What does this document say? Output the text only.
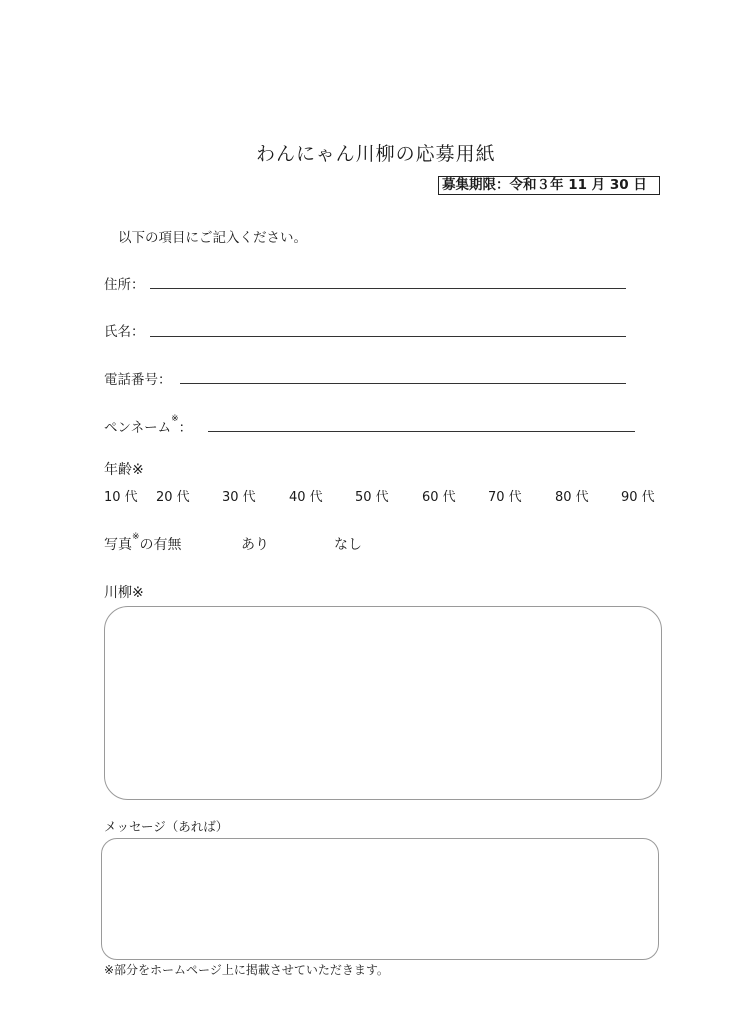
わんにゃん川柳の応募用紙
募集期限：令和３年 11 月 30 日
以下の項目にご記入ください。
住所：
氏名：
電話番号：
ペンネーム※：
年齢※
10 代 20 代 30 代	40 代 50 代	60 代 70 代	80 代 90 代
写真※の有無	あり	なし
川柳※
メッセージ（あれば）
※部分をホームページ上に掲載させていただきます。
